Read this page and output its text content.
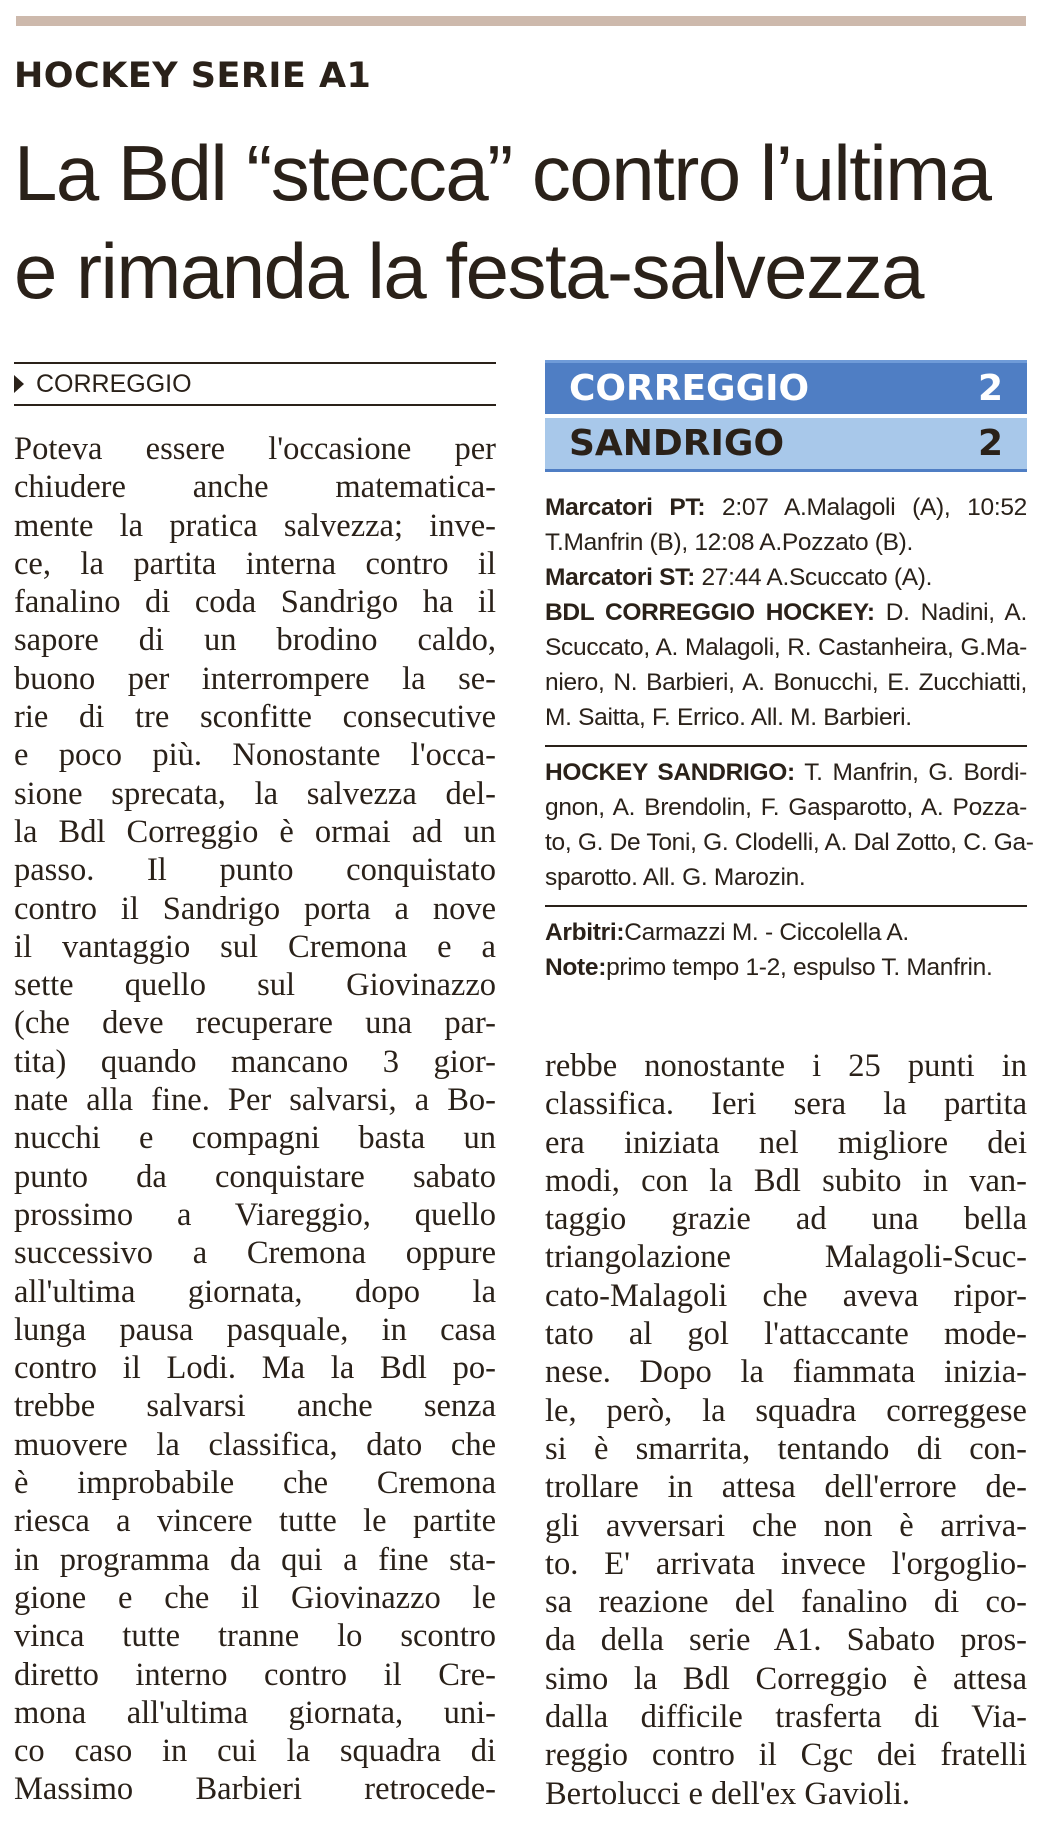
HOCKEY SERIE A1
La Bdl “stecca” contro l’ultima
e rimanda la festa-salvezza
CORREGGIO
Poteva essere l'occasione per
chiudere anche matematica-
mente la pratica salvezza; inve-
ce, la partita interna contro il
fanalino di coda Sandrigo ha il
sapore di un brodino caldo,
buono per interrompere la se-
rie di tre sconfitte consecutive
e poco più. Nonostante l'occa-
sione sprecata, la salvezza del-
la Bdl Correggio è ormai ad un
passo. Il punto conquistato
contro il Sandrigo porta a nove
il vantaggio sul Cremona e a
sette quello sul Giovinazzo
(che deve recuperare una par-
tita) quando mancano 3 gior-
nate alla fine. Per salvarsi, a Bo-
nucchi e compagni basta un
punto da conquistare sabato
prossimo a Viareggio, quello
successivo a Cremona oppure
all'ultima giornata, dopo la
lunga pausa pasquale, in casa
contro il Lodi. Ma la Bdl po-
trebbe salvarsi anche senza
muovere la classifica, dato che
è improbabile che Cremona
riesca a vincere tutte le partite
in programma da qui a fine sta-
gione e che il Giovinazzo le
vinca tutte tranne lo scontro
diretto interno contro il Cre-
mona all'ultima giornata, uni-
co caso in cui la squadra di
Massimo Barbieri retrocede-
CORREGGIO	2
SANDRIGO	2
Marcatori PT: 2:07 A.Malagoli (A), 10:52
T.Manfrin (B), 12:08 A.Pozzato (B).
Marcatori ST: 27:44 A.Scuccato (A).
BDL CORREGGIO HOCKEY: D. Nadini, A.
Scuccato, A. Malagoli, R. Castanheira, G.Ma-
niero, N. Barbieri, A. Bonucchi, E. Zucchiatti,
M. Saitta, F. Errico. All. M. Barbieri.
HOCKEY SANDRIGO: T. Manfrin, G. Bordi-
gnon, A. Brendolin, F. Gasparotto, A. Pozza-
to, G. De Toni, G. Clodelli, A. Dal Zotto, C. Ga-
sparotto. All. G. Marozin.
Arbitri:Carmazzi M. - Ciccolella A.
Note:primo tempo 1-2, espulso T. Manfrin.
rebbe nonostante i 25 punti in
classifica. Ieri sera la partita
era iniziata nel migliore dei
modi, con la Bdl subito in van-
taggio grazie ad una bella
triangolazione Malagoli-Scuc-
cato-Malagoli che aveva ripor-
tato al gol l'attaccante mode-
nese. Dopo la fiammata iniziа-
le, però, la squadra correggese
si è smarrita, tentando di con-
trollare in attesa dell'errore de-
gli avversari che non è arriva-
to. E' arrivata invece l'orgoglio-
sa reazione del fanalino di co-
da della serie A1. Sabato pros-
simo la Bdl Correggio è attesa
dalla difficile trasferta di Via-
reggio contro il Cgc dei fratelli
Bertolucci e dell'ex Gavioli.
